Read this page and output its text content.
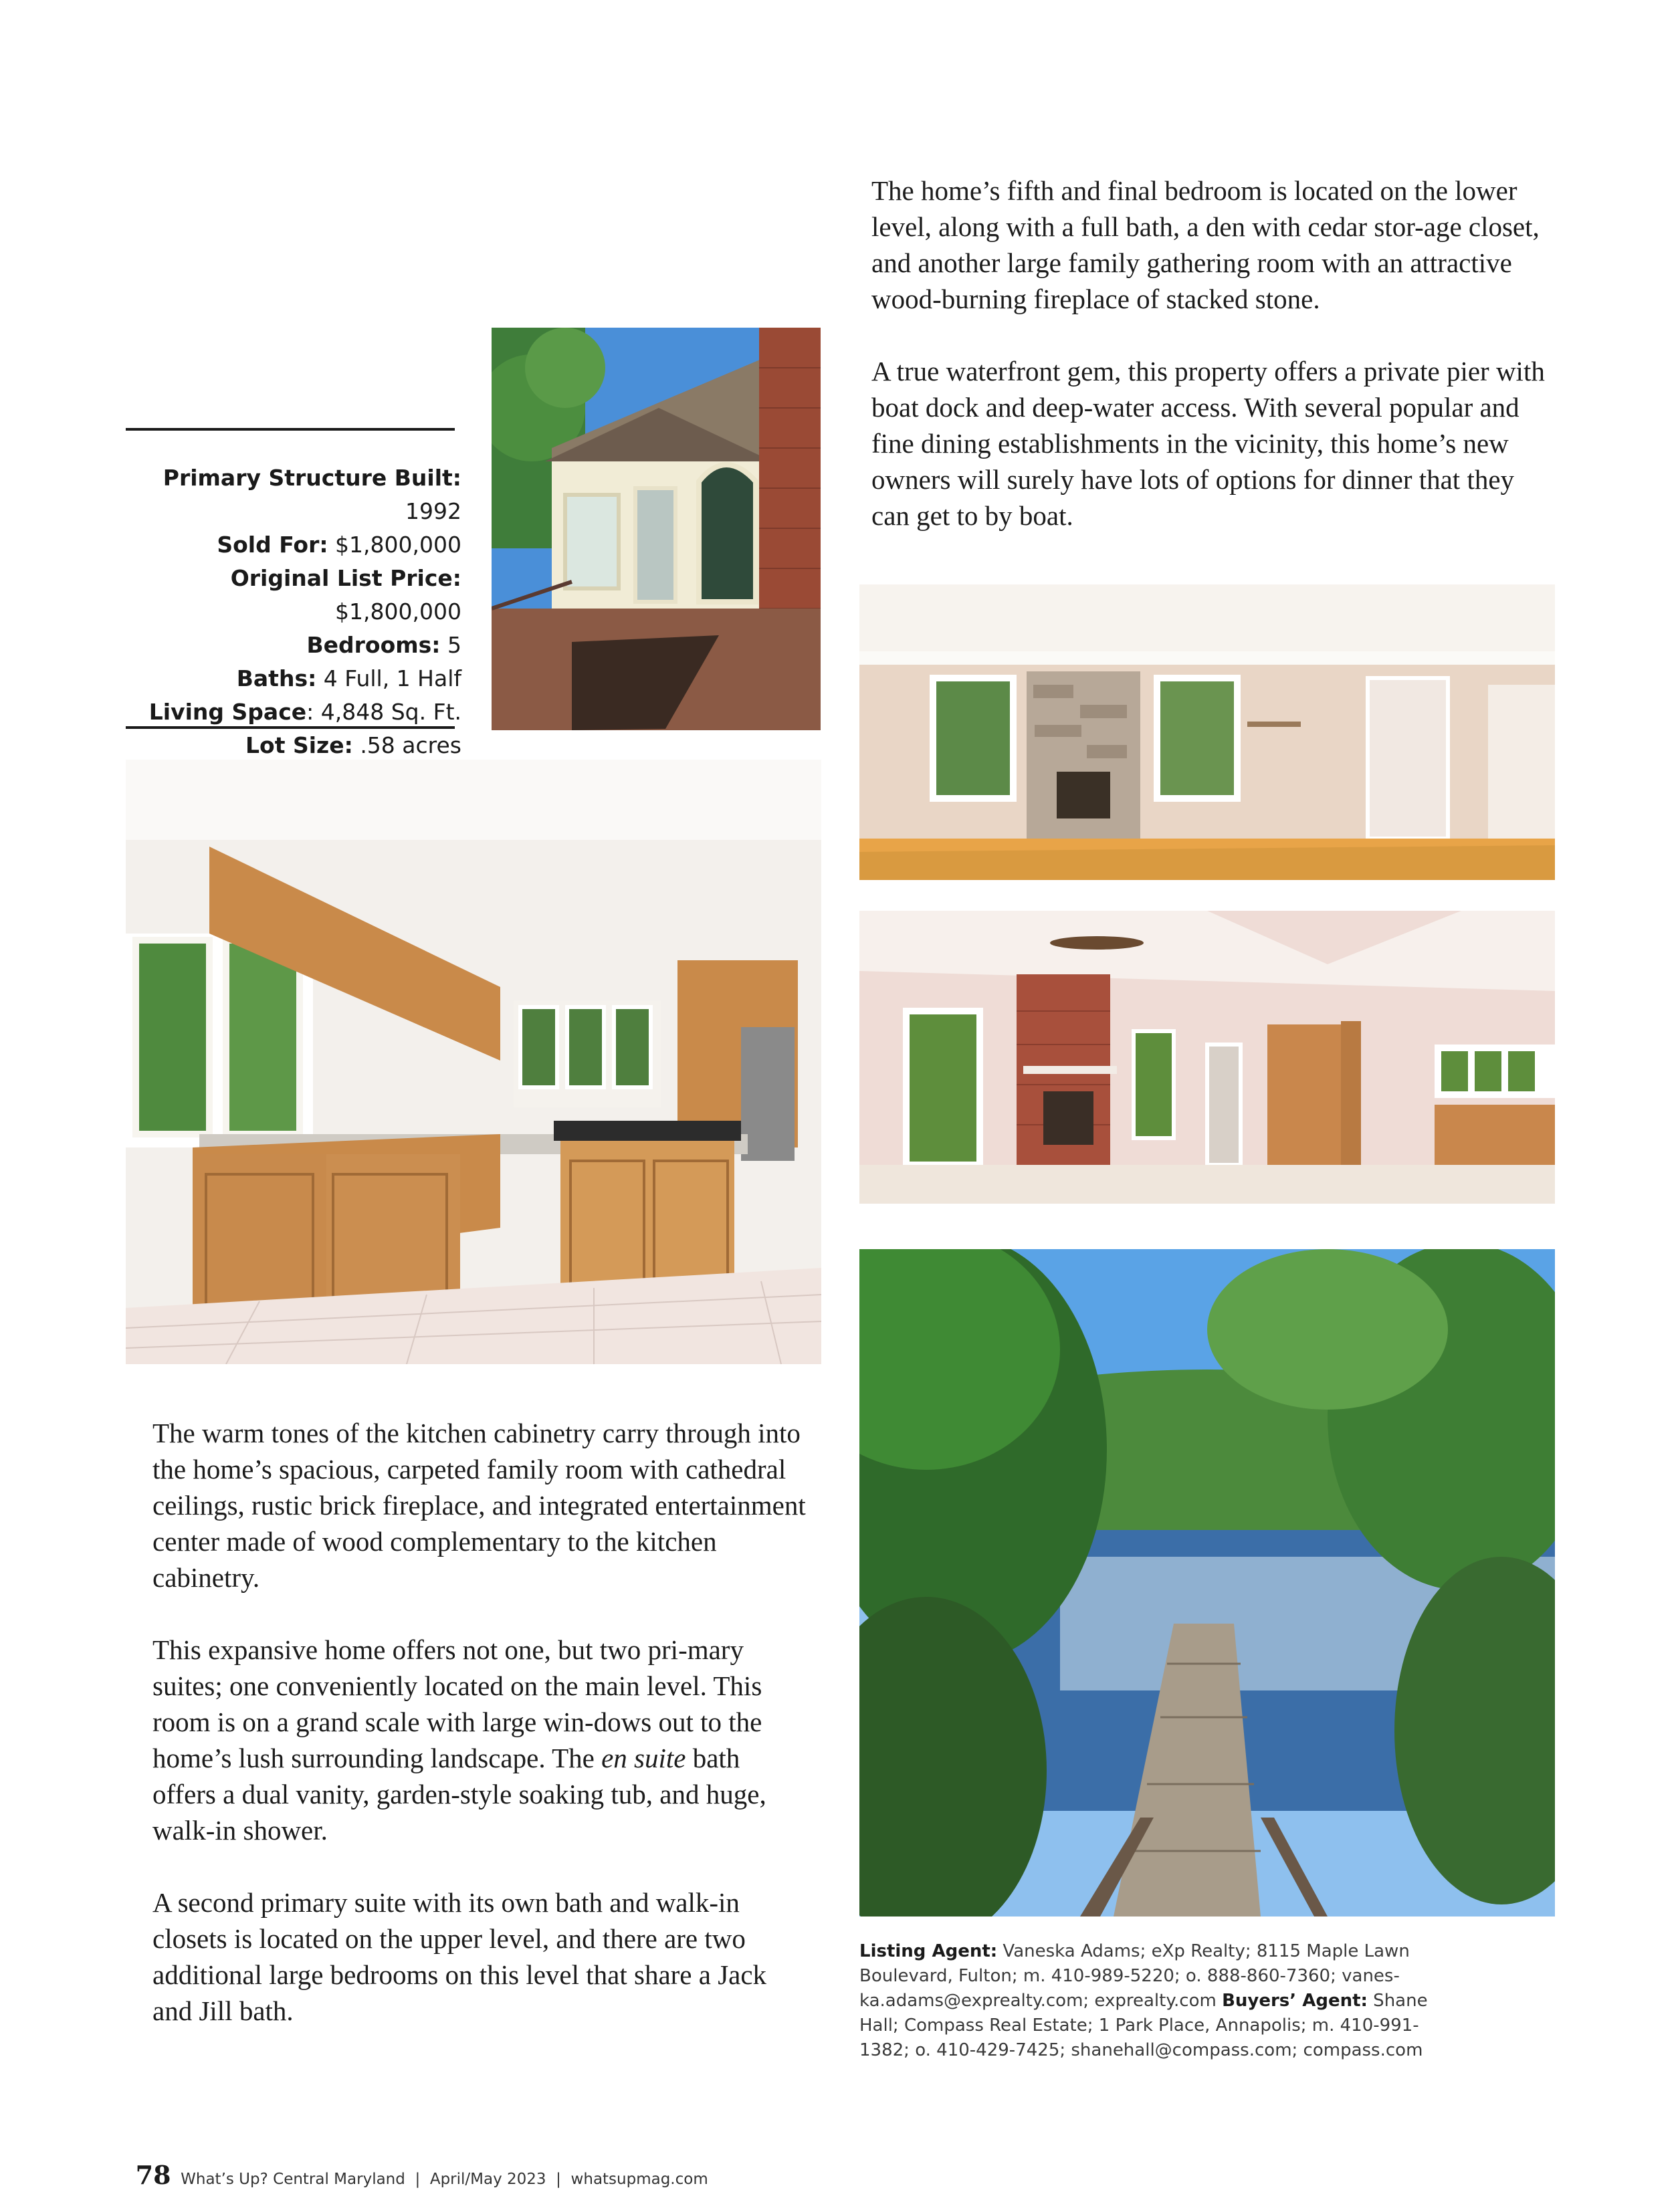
The home’s fifth and final bedroom is located on the lower level, along with a full bath, a den with cedar stor-age closet, and another large family gathering room with an attractive wood-burning fireplace of stacked stone.

A true waterfront gem, this property offers a private pier with boat dock and deep-water access. With several popular and fine dining establishments in the vicinity, this home’s new owners will surely have lots of options for dinner that they can get to by boat.

Primary Structure Built: 1992
Sold For: $1,800,000
Original List Price: $1,800,000
Bedrooms: 5
Baths: 4 Full, 1 Half
Living Space: 4,848 Sq. Ft.
Lot Size: .58 acres

The warm tones of the kitchen cabinetry carry through into the home’s spacious, carpeted family room with cathedral ceilings, rustic brick fireplace, and integrated entertainment center made of wood complementary to the kitchen cabinetry.

This expansive home offers not one, but two pri-mary suites; one conveniently located on the main level. This room is on a grand scale with large win-dows out to the home’s lush surrounding landscape. The en suite bath offers a dual vanity, garden-style soaking tub, and huge, walk-in shower.

A second primary suite with its own bath and walk-in closets is located on the upper level, and there are two additional large bedrooms on this level that share a Jack and Jill bath.

Listing Agent: Vaneska Adams; eXp Realty; 8115 Maple Lawn Boulevard, Fulton; m. 410-989-5220; o. 888-860-7360; vanes-ka.adams@exprealty.com; exprealty.com Buyers’ Agent: Shane Hall; Compass Real Estate; 1 Park Place, Annapolis; m. 410-991-1382; o. 410-429-7425; shanehall@compass.com; compass.com

78 What’s Up? Central Maryland  |  April/May 2023  |  whatsupmag.com
